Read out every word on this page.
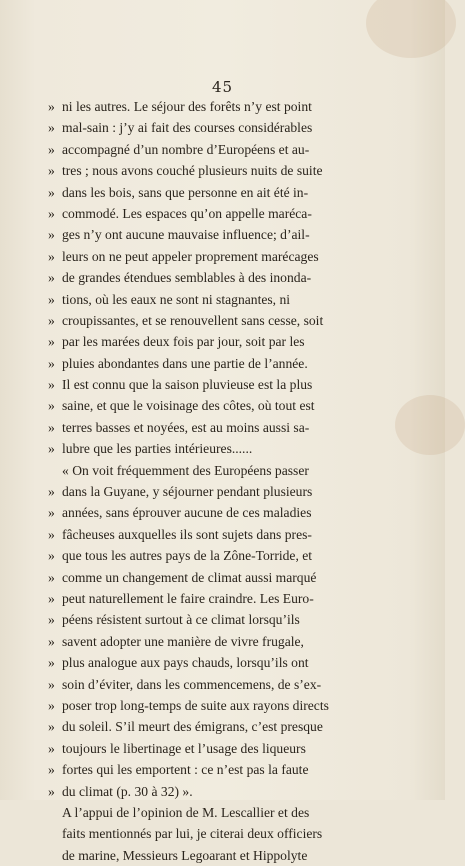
45
» ni les autres. Le séjour des forêts n’y est point
» mal-sain : j’y ai fait des courses considérables
» accompagné d’un nombre d’Européens et au-
» tres ; nous avons couché plusieurs nuits de suite
» dans les bois, sans que personne en ait été in-
» commodé. Les espaces qu’on appelle maréca-
» ges n’y ont aucune mauvaise influence; d’ail-
» leurs on ne peut appeler proprement marécages
» de grandes étendues semblables à des inonda-
» tions, où les eaux ne sont ni stagnantes, ni
» croupissantes, et se renouvellent sans cesse, soit
» par les marées deux fois par jour, soit par les
» pluies abondantes dans une partie de l’année.
» Il est connu que la saison pluvieuse est la plus
» saine, et que le voisinage des côtes, où tout est
» terres basses et noyées, est au moins aussi sa-
» lubre que les parties intérieures......
« On voit fréquemment des Européens passer
» dans la Guyane, y séjourner pendant plusieurs
» années, sans éprouver aucune de ces maladies
» fâcheuses auxquelles ils sont sujets dans pres-
» que tous les autres pays de la Zône-Torride, et
» comme un changement de climat aussi marqué
» peut naturellement le faire craindre. Les Euro-
» péens résistent surtout à ce climat lorsqu’ils
» savent adopter une manière de vivre frugale,
» plus analogue aux pays chauds, lorsqu’ils ont
» soin d’éviter, dans les commencemens, de s’ex-
» poser trop long-temps de suite aux rayons directs
» du soleil. S’il meurt des émigrans, c’est presque
» toujours le libertinage et l’usage des liqueurs
» fortes qui les emportent : ce n’est pas la faute
» du climat (p. 30 à 32) ».
A l’appui de l’opinion de M. Lescallier et des
faits mentionnés par lui, je citerai deux officiers
de marine, Messieurs Legoarant et Hippolyte
